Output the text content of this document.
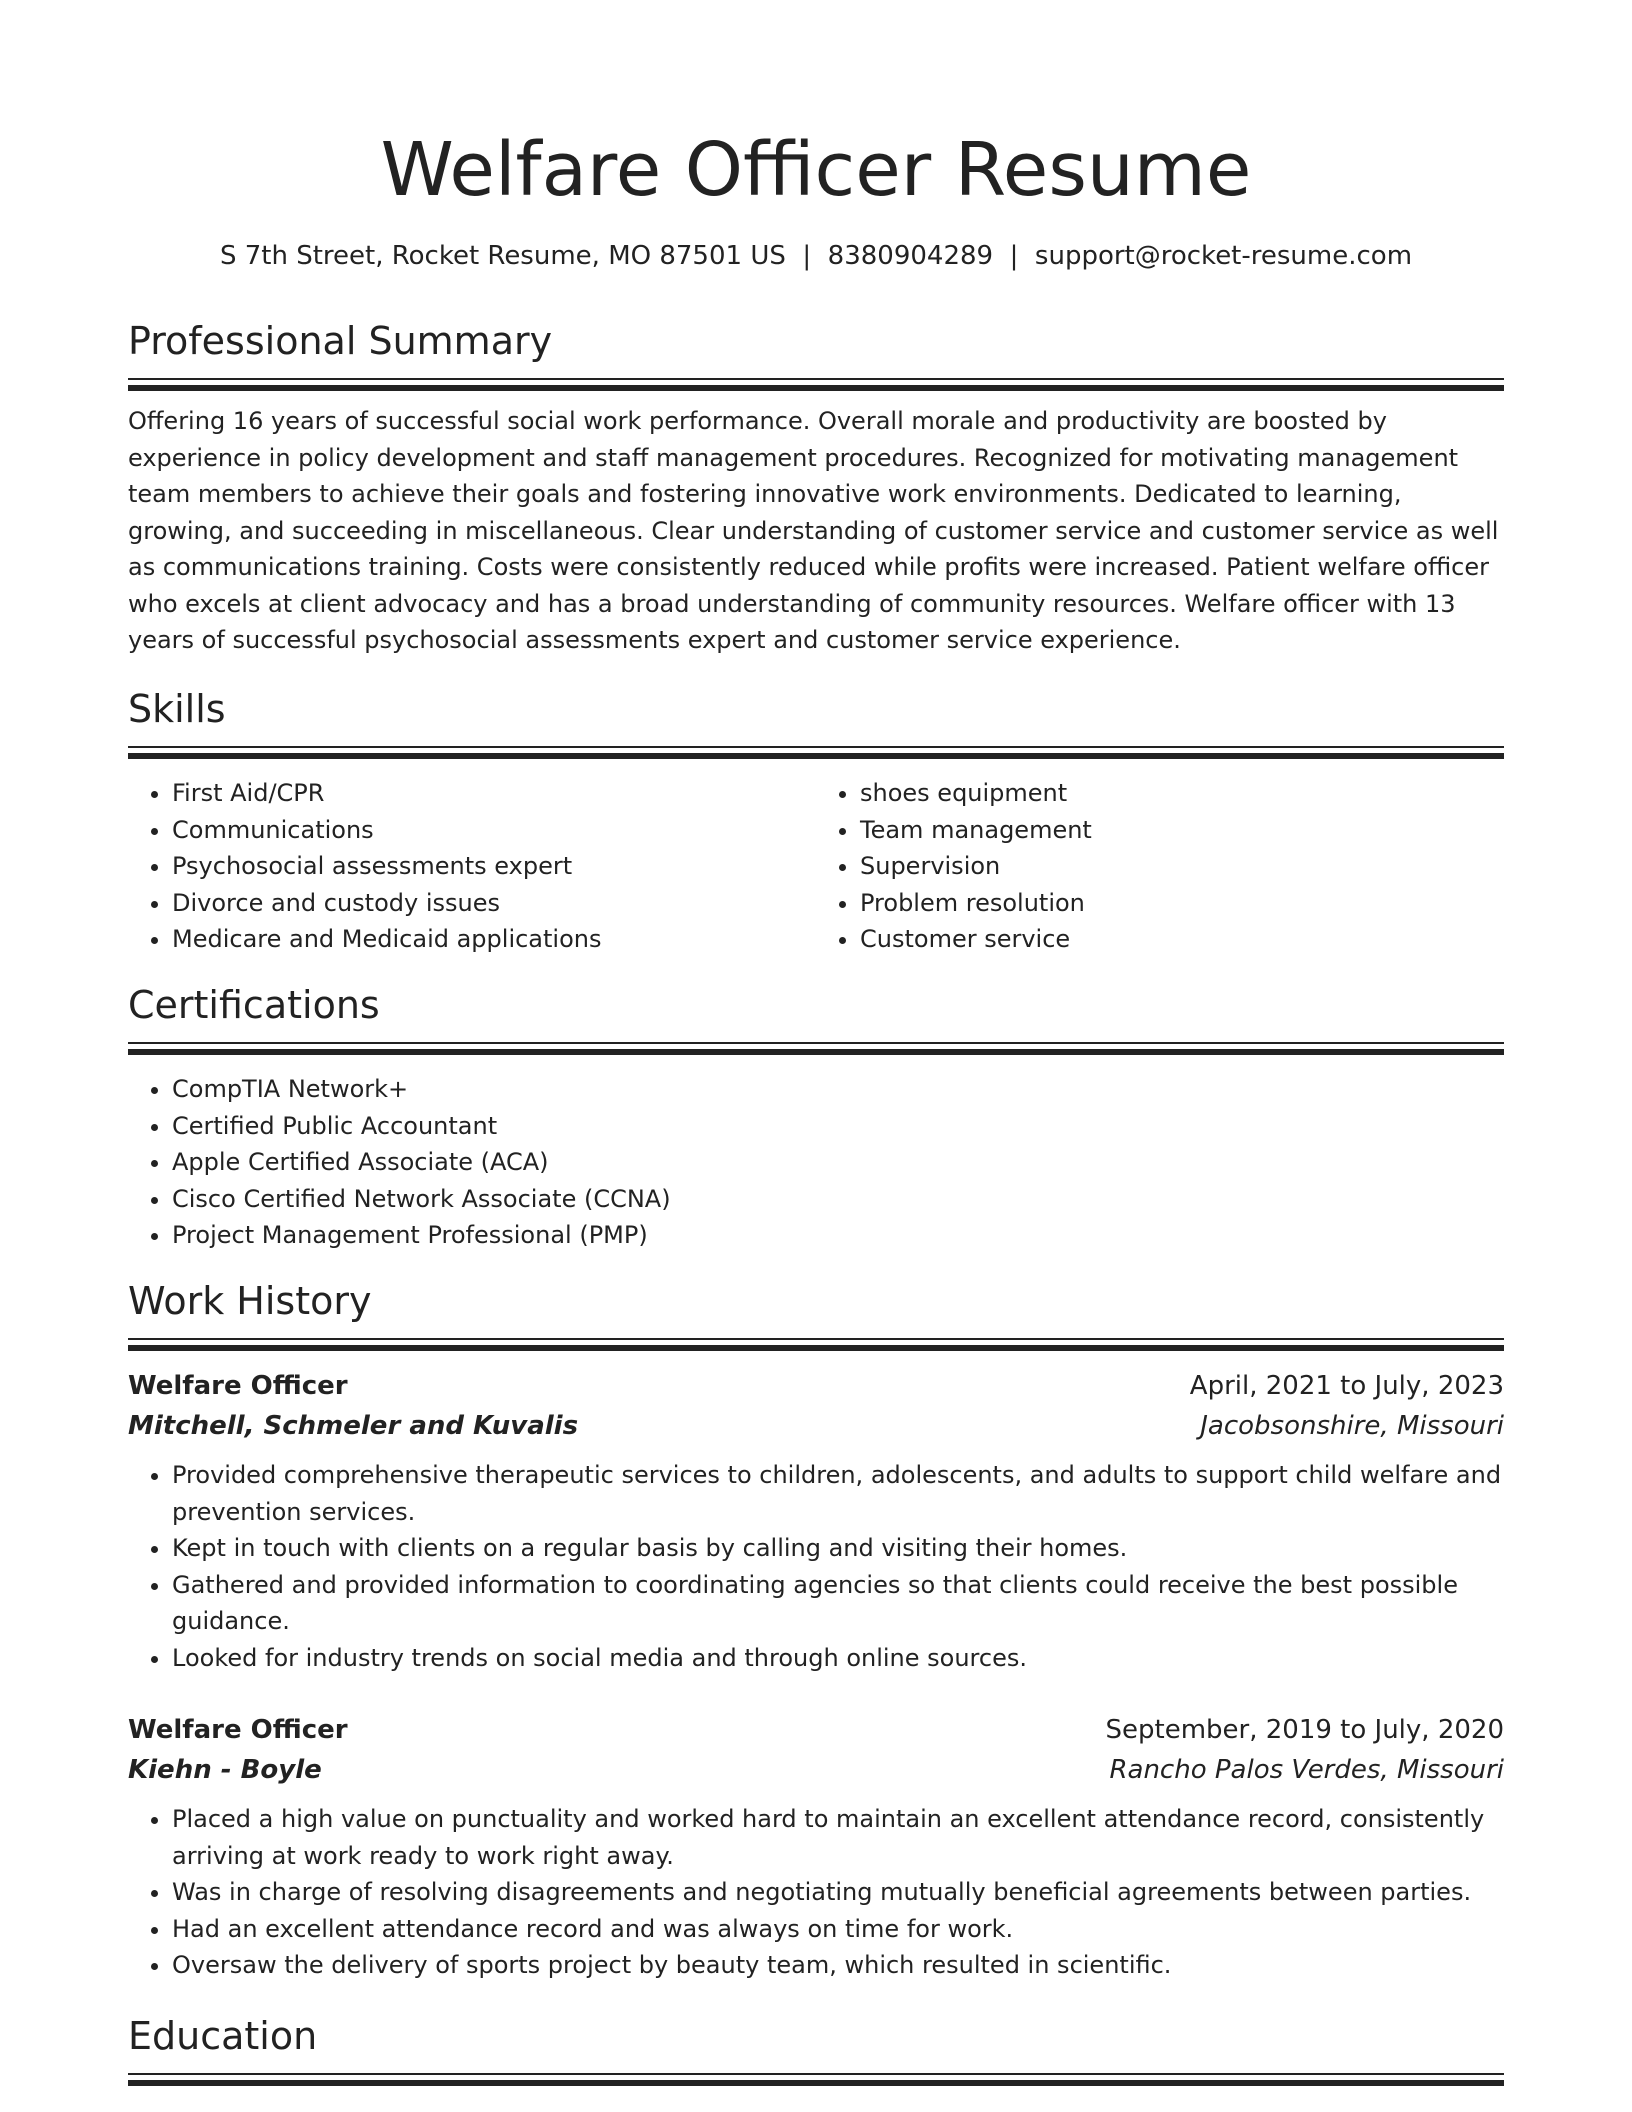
Welfare Officer Resume
S 7th Street, Rocket Resume, MO 87501 US  |  8380904289  |  support@rocket-resume.com
Professional Summary

Offering 16 years of successful social work performance. Overall morale and productivity are boosted by experience in policy development and staff management procedures. Recognized for motivating management team members to achieve their goals and fostering innovative work environments. Dedicated to learning, growing, and succeeding in miscellaneous. Clear understanding of customer service and customer service as well as communications training. Costs were consistently reduced while profits were increased. Patient welfare officer who excels at client advocacy and has a broad understanding of community resources. Welfare officer with 13 years of successful psychosocial assessments expert and customer service experience.

Skills
• First Aid/CPR
• Communications
• Psychosocial assessments expert
• Divorce and custody issues
• Medicare and Medicaid applications
• shoes equipment
• Team management
• Supervision
• Problem resolution
• Customer service
Certifications
• CompTIA Network+
• Certified Public Accountant
• Apple Certified Associate (ACA)
• Cisco Certified Network Associate (CCNA)
• Project Management Professional (PMP)
Work History
Welfare Officer	April, 2021 to July, 2023
Mitchell, Schmeler and Kuvalis	Jacobsonshire, Missouri
• Provided comprehensive therapeutic services to children, adolescents, and adults to support child welfare and prevention services.
• Kept in touch with clients on a regular basis by calling and visiting their homes.
• Gathered and provided information to coordinating agencies so that clients could receive the best possible guidance.
• Looked for industry trends on social media and through online sources.
Welfare Officer	September, 2019 to July, 2020
Kiehn - Boyle	Rancho Palos Verdes, Missouri
• Placed a high value on punctuality and worked hard to maintain an excellent attendance record, consistently arriving at work ready to work right away.
• Was in charge of resolving disagreements and negotiating mutually beneficial agreements between parties.
• Had an excellent attendance record and was always on time for work.
• Oversaw the delivery of sports project by beauty team, which resulted in scientific.
Education
